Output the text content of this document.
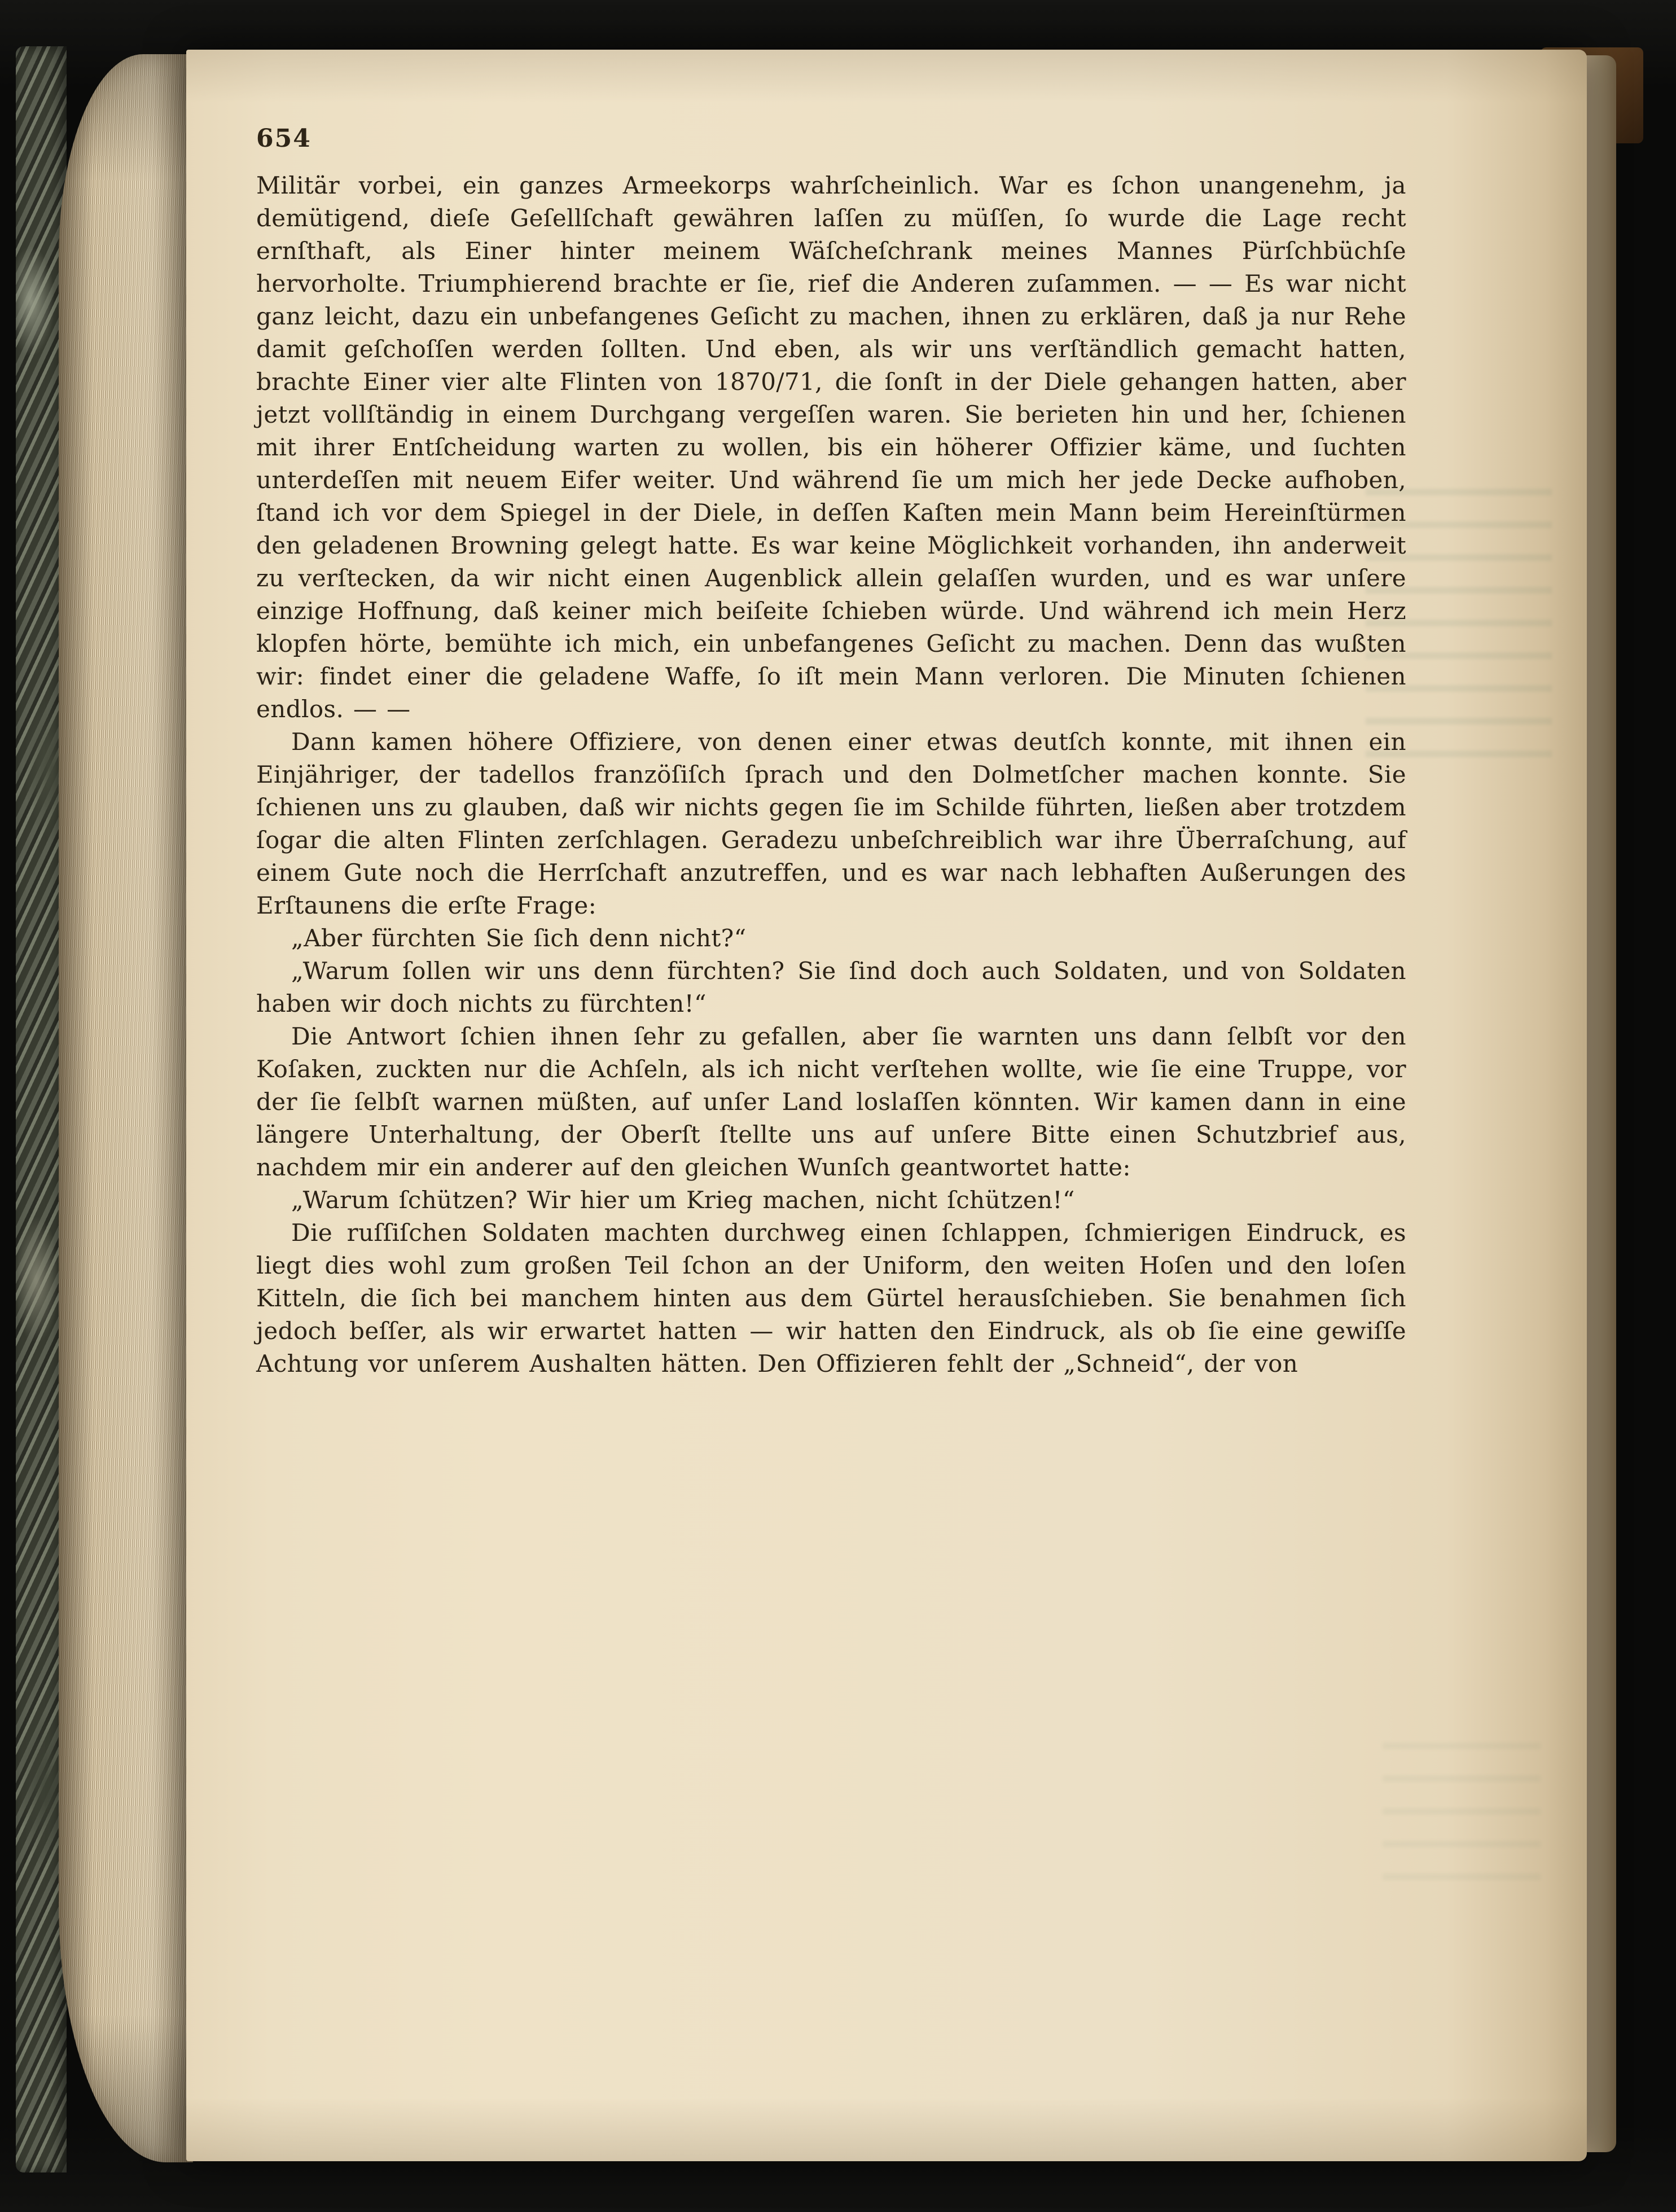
654

Militär vorbei, ein ganzes Armeekorps wahrſcheinlich. War es ſchon unangenehm, ja demütigend, dieſe Geſellſchaft gewähren laſſen zu müſſen, ſo wurde die Lage recht ernſthaft, als Einer hinter meinem Wäſcheſchrank meines Mannes Pürſchbüchſe hervorholte. Triumphierend brachte er ſie, rief die Anderen zuſammen. — — Es war nicht ganz leicht, dazu ein unbefangenes Geſicht zu machen, ihnen zu erklären, daß ja nur Rehe damit geſchoſſen werden ſollten. Und eben, als wir uns verſtändlich gemacht hatten, brachte Einer vier alte Flinten von 1870/71, die ſonſt in der Diele gehangen hatten, aber jetzt vollſtändig in einem Durchgang vergeſſen waren. Sie berieten hin und her, ſchienen mit ihrer Entſcheidung warten zu wollen, bis ein höherer Offizier käme, und ſuchten unterdeſſen mit neuem Eifer weiter. Und während ſie um mich her jede Decke aufhoben, ſtand ich vor dem Spiegel in der Diele, in deſſen Kaſten mein Mann beim Hereinſtürmen den geladenen Browning gelegt hatte. Es war keine Möglichkeit vorhanden, ihn anderweit zu verſtecken, da wir nicht einen Augenblick allein gelaſſen wurden, und es war unſere einzige Hoffnung, daß keiner mich beiſeite ſchieben würde. Und während ich mein Herz klopfen hörte, bemühte ich mich, ein unbefangenes Geſicht zu machen. Denn das wußten wir: findet einer die geladene Waffe, ſo iſt mein Mann verloren. Die Minuten ſchienen endlos. — —

Dann kamen höhere Offiziere, von denen einer etwas deutſch konnte, mit ihnen ein Einjähriger, der tadellos franzöſiſch ſprach und den Dolmetſcher machen konnte. Sie ſchienen uns zu glauben, daß wir nichts gegen ſie im Schilde führten, ließen aber trotzdem ſogar die alten Flinten zerſchlagen. Geradezu unbeſchreiblich war ihre Überraſchung, auf einem Gute noch die Herrſchaft anzutreffen, und es war nach lebhaften Außerungen des Erſtaunens die erſte Frage:

„Aber fürchten Sie ſich denn nicht?“

„Warum ſollen wir uns denn fürchten? Sie ſind doch auch Soldaten, und von Soldaten haben wir doch nichts zu fürchten!“

Die Antwort ſchien ihnen ſehr zu gefallen, aber ſie warnten uns dann ſelbſt vor den Koſaken, zuckten nur die Achſeln, als ich nicht verſtehen wollte, wie ſie eine Truppe, vor der ſie ſelbſt warnen müßten, auf unſer Land loslaſſen könnten. Wir kamen dann in eine längere Unterhaltung, der Oberſt ſtellte uns auf unſere Bitte einen Schutzbrief aus, nachdem mir ein anderer auf den gleichen Wunſch geantwortet hatte:

„Warum ſchützen? Wir hier um Krieg machen, nicht ſchützen!“

Die ruſſiſchen Soldaten machten durchweg einen ſchlappen, ſchmierigen Eindruck, es liegt dies wohl zum großen Teil ſchon an der Uniform, den weiten Hoſen und den loſen Kitteln, die ſich bei manchem hinten aus dem Gürtel herausſchieben. Sie benahmen ſich jedoch beſſer, als wir erwartet hatten — wir hatten den Eindruck, als ob ſie eine gewiſſe Achtung vor unſerem Aushalten hätten. Den Offizieren fehlt der „Schneid“, der von
